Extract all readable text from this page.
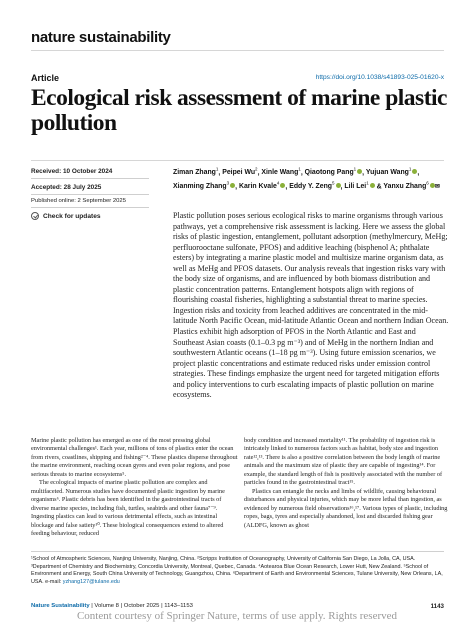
nature sustainability
Article	https://doi.org/10.1038/s41893-025-01620-x
Ecological risk assessment of marine plastic pollution
Received: 10 October 2024
Accepted: 28 July 2025
Published online: 2 September 2025
Check for updates
Ziman Zhang$^1$, Peipei Wu$^2$, Xinle Wang$^1$, Qiaotong Pang$^1$ , Yujuan Wang$^1$ , Xianming Zhang$^3$ , Karin Kvale$^4$ , Eddy Y. Zeng$^5$ , Lili Lei$^1$ & Yanxu Zhang$^6$✉

Plastic pollution poses serious ecological risks to marine organisms through various pathways, yet a comprehensive risk assessment is lacking. Here we assess the global risks of plastic ingestion, entanglement, pollutant adsorption (methylmercury, MeHg; perfluorooctane sulfonate, PFOS) and additive leaching (bisphenol A; phthalate esters) by integrating a marine plastic model and multisize marine organism data, as well as MeHg and PFOS datasets. Our analysis reveals that ingestion risks vary with the body size of organisms, and are influenced by both biomass distribution and plastic concentration patterns. Entanglement hotspots align with regions of flourishing coastal fisheries, highlighting a substantial threat to marine species. Ingestion risks and toxicity from leached additives are concentrated in the mid-latitude North Pacific Ocean, mid-latitude Atlantic Ocean and northern Indian Ocean. Plastics exhibit high adsorption of PFOS in the North Atlantic and East and Southeast Asian coasts (0.1–0.3 pg m⁻³) and of MeHg in the northern Indian and southwestern Atlantic oceans (1–18 pg m⁻³). Using future emission scenarios, we project plastic concentrations and estimate reduced risks under emission control strategies. These findings emphasize the urgent need for targeted mitigation efforts and policy interventions to curb escalating impacts of plastic pollution on marine ecosystems.

Marine plastic pollution has emerged as one of the most pressing global environmental challenges¹. Each year, millions of tons of plastics enter the ocean from rivers, coastlines, shipping and fishing²⁻⁴. These plastics disperse throughout the marine environment, reaching ocean gyres and even polar regions, and pose serious threats to marine ecosystems⁵.

The ecological impacts of marine plastic pollution are complex and multifaceted. Numerous studies have documented plastic ingestion by marine organisms⁶. Plastic debris has been identified in the gastrointestinal tracts of diverse marine species, including fish, turtles, seabirds and other fauna⁷⁻⁹. Ingesting plastics can lead to various detrimental effects, such as intestinal blockage and false satiety¹⁰. These biological consequences extend to altered feeding behaviour, reduced

body condition and increased mortality¹¹. The probability of ingestion risk is intricately linked to numerous factors such as habitat, body size and ingestion rate¹²,¹³. There is also a positive correlation between the body length of marine animals and the maximum size of plastic they are capable of ingesting¹⁴. For example, the standard length of fish is positively associated with the number of particles found in the gastrointestinal tract¹⁵.

Plastics can entangle the necks and limbs of wildlife, causing behavioural disturbances and physical injuries, which may be more lethal than ingestion, as evidenced by numerous field observations¹⁶,¹⁷. Various types of plastic, including ropes, bags, tyres and especially abandoned, lost and discarded fishing gear (ALDFG, known as ghost

¹School of Atmospheric Sciences, Nanjing University, Nanjing, China. ²Scripps Institution of Oceanography, University of California San Diego, La Jolla, CA, USA. ³Department of Chemistry and Biochemistry, Concordia University, Montreal, Quebec, Canada. ⁴Aotearoa Blue Ocean Research, Lower Hutt, New Zealand. ⁵School of Environment and Energy, South China University of Technology, Guangzhou, China. ⁶Department of Earth and Environmental Sciences, Tulane University, New Orleans, LA, USA. e-mail: yzhang127@tulane.edu
Nature Sustainability | Volume 8 | October 2025 | 1143–1153	1143
Content courtesy of Springer Nature, terms of use apply. Rights reserved
